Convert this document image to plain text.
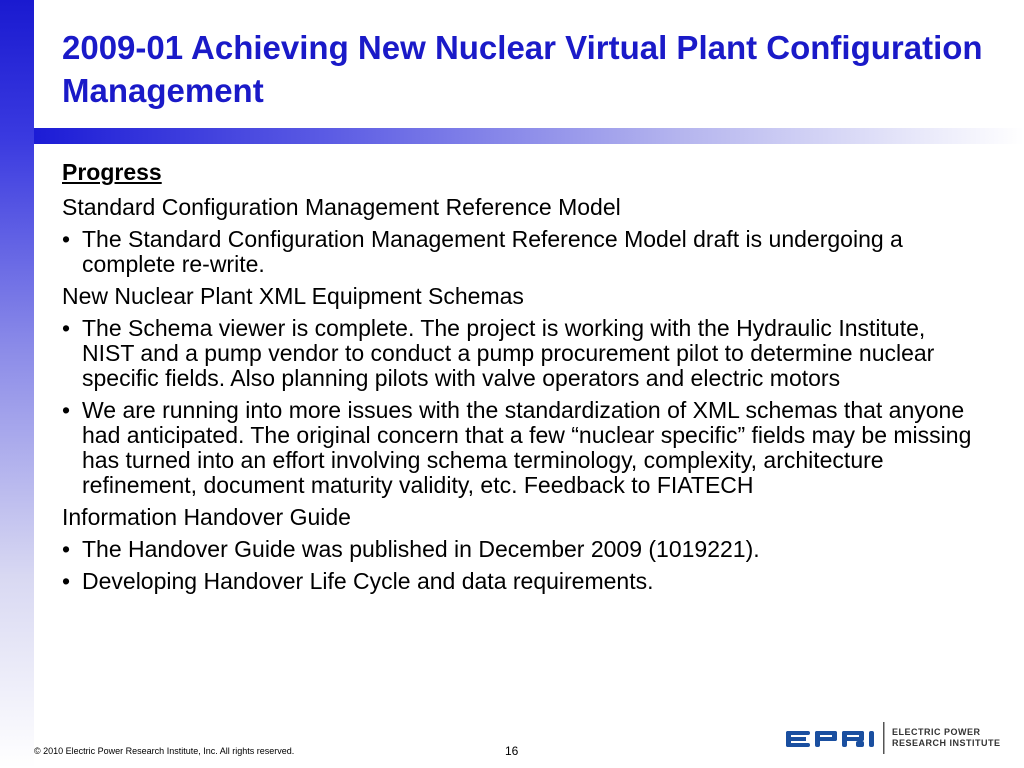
2009-01 Achieving New Nuclear Virtual Plant Configuration Management
Progress
Standard Configuration Management Reference Model
• The Standard Configuration Management Reference Model draft is undergoing a complete re-write.
New Nuclear Plant XML Equipment Schemas
• The Schema viewer is complete. The project is working with the Hydraulic Institute, NIST and a pump vendor to conduct a pump procurement pilot to determine nuclear specific fields. Also planning pilots with valve operators and electric motors
• We are running into more issues with the standardization of XML schemas that anyone had anticipated. The original concern that a few “nuclear specific” fields may be missing has turned into an effort involving schema terminology, complexity, architecture refinement, document maturity validity, etc. Feedback to FIATECH
Information Handover Guide
• The Handover Guide was published in December 2009 (1019221).
• Developing Handover Life Cycle and data requirements.
© 2010 Electric Power Research Institute, Inc. All rights reserved.	16
ELECTRIC POWER
RESEARCH INSTITUTE
